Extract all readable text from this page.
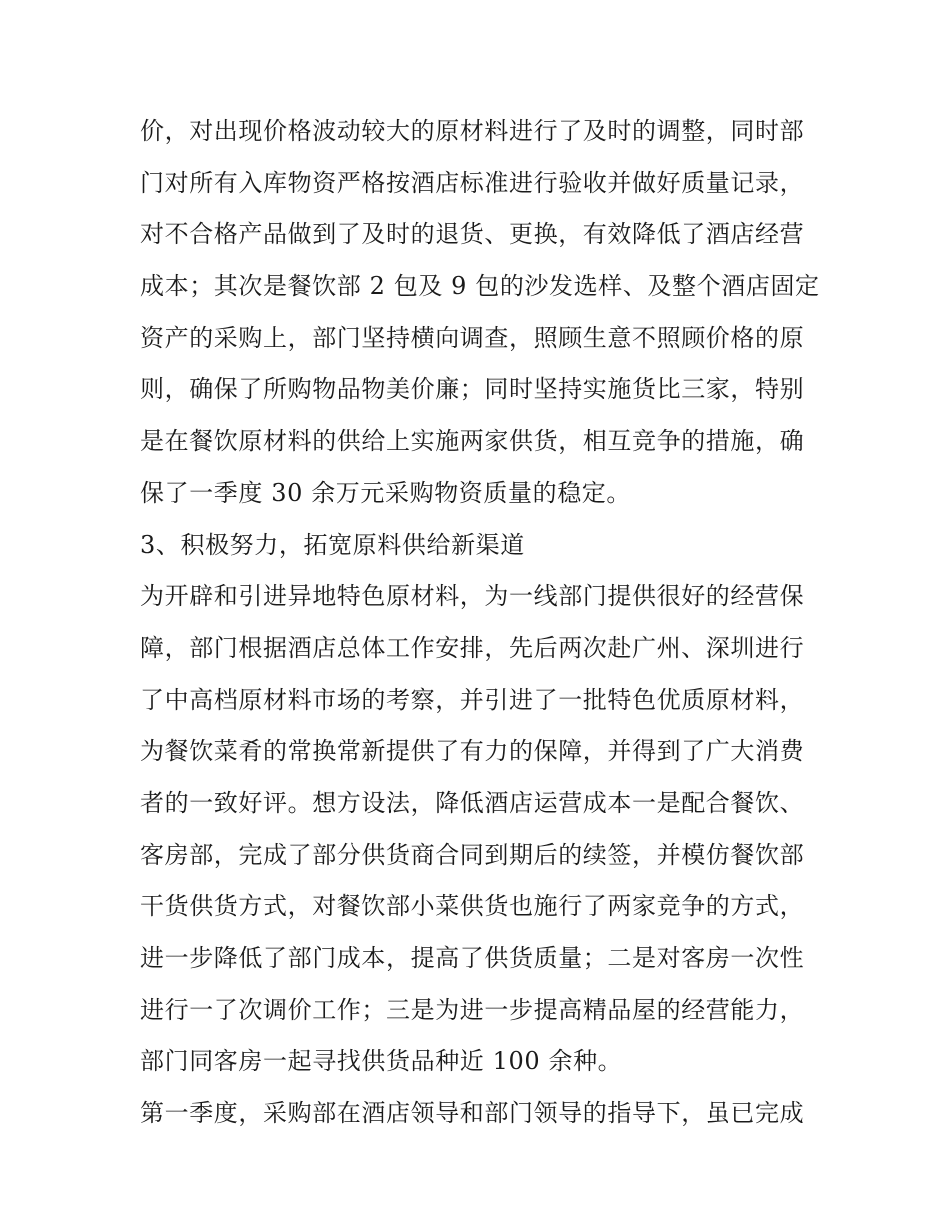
价，对出现价格波动较大的原材料进行了及时的调整，同时部
门对所有入库物资严格按酒店标准进行验收并做好质量记录，
对不合格产品做到了及时的退货、更换，有效降低了酒店经营
成本；其次是餐饮部 2 包及 9 包的沙发选样、及整个酒店固定
资产的采购上，部门坚持横向调查，照顾生意不照顾价格的原
则，确保了所购物品物美价廉；同时坚持实施货比三家，特别
是在餐饮原材料的供给上实施两家供货，相互竞争的措施，确
保了一季度 30 余万元采购物资质量的稳定。
3、积极努力，拓宽原料供给新渠道
为开辟和引进异地特色原材料，为一线部门提供很好的经营保
障，部门根据酒店总体工作安排，先后两次赴广州、深圳进行
了中高档原材料市场的考察，并引进了一批特色优质原材料，
为餐饮菜肴的常换常新提供了有力的保障，并得到了广大消费
者的一致好评。想方设法，降低酒店运营成本一是配合餐饮、
客房部，完成了部分供货商合同到期后的续签，并模仿餐饮部
干货供货方式，对餐饮部小菜供货也施行了两家竞争的方式，
进一步降低了部门成本，提高了供货质量；二是对客房一次性
进行一了次调价工作；三是为进一步提高精品屋的经营能力，
部门同客房一起寻找供货品种近 100 余种。
第一季度，采购部在酒店领导和部门领导的指导下，虽已完成
